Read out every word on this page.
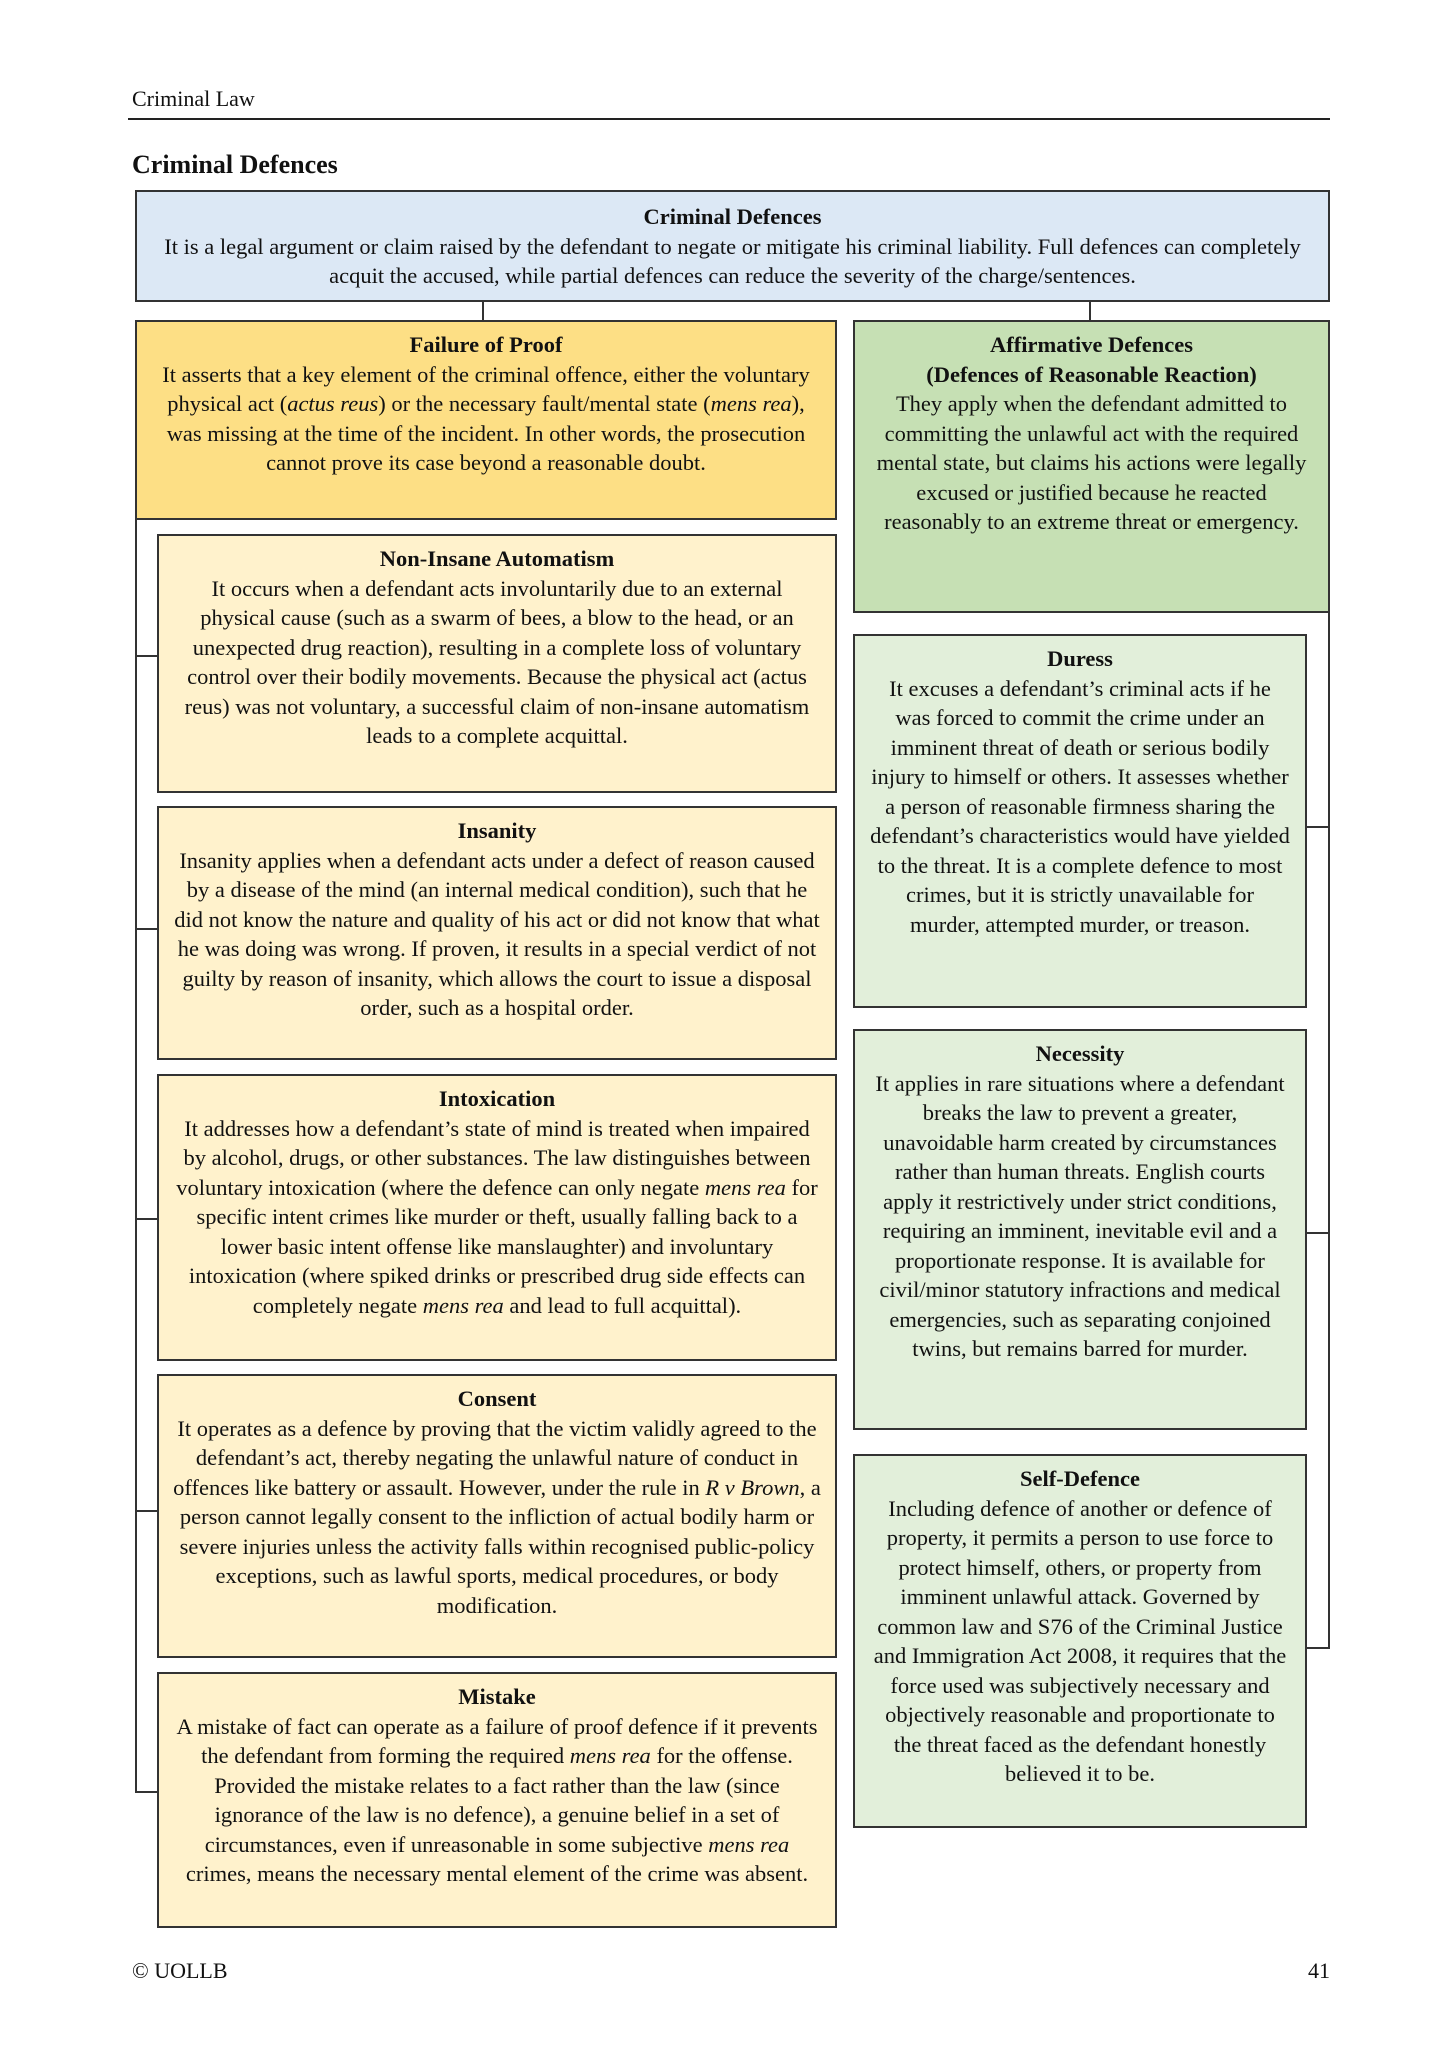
Criminal Law
Criminal Defences
Criminal Defences
It is a legal argument or claim raised by the defendant to negate or mitigate his criminal liability. Full defences can completely acquit the accused, while partial defences can reduce the severity of the charge/sentences.
Failure of Proof
It asserts that a key element of the criminal offence, either the voluntary physical act (actus reus) or the necessary fault/mental state (mens rea), was missing at the time of the incident. In other words, the prosecution cannot prove its case beyond a reasonable doubt.
Affirmative Defences
(Defences of Reasonable Reaction)
They apply when the defendant admitted to committing the unlawful act with the required mental state, but claims his actions were legally excused or justified because he reacted reasonably to an extreme threat or emergency.
Non-Insane Automatism
It occurs when a defendant acts involuntarily due to an external physical cause (such as a swarm of bees, a blow to the head, or an unexpected drug reaction), resulting in a complete loss of voluntary control over their bodily movements. Because the physical act (actus reus) was not voluntary, a successful claim of non-insane automatism leads to a complete acquittal.
Insanity
Insanity applies when a defendant acts under a defect of reason caused by a disease of the mind (an internal medical condition), such that he did not know the nature and quality of his act or did not know that what he was doing was wrong. If proven, it results in a special verdict of not guilty by reason of insanity, which allows the court to issue a disposal order, such as a hospital order.
Intoxication
It addresses how a defendant’s state of mind is treated when impaired by alcohol, drugs, or other substances. The law distinguishes between voluntary intoxication (where the defence can only negate mens rea for specific intent crimes like murder or theft, usually falling back to a lower basic intent offense like manslaughter) and involuntary intoxication (where spiked drinks or prescribed drug side effects can completely negate mens rea and lead to full acquittal).
Consent
It operates as a defence by proving that the victim validly agreed to the defendant’s act, thereby negating the unlawful nature of conduct in offences like battery or assault. However, under the rule in R v Brown, a person cannot legally consent to the infliction of actual bodily harm or severe injuries unless the activity falls within recognised public-policy exceptions, such as lawful sports, medical procedures, or body modification.
Mistake
A mistake of fact can operate as a failure of proof defence if it prevents the defendant from forming the required mens rea for the offense. Provided the mistake relates to a fact rather than the law (since ignorance of the law is no defence), a genuine belief in a set of circumstances, even if unreasonable in some subjective mens rea crimes, means the necessary mental element of the crime was absent.
Duress
It excuses a defendant’s criminal acts if he was forced to commit the crime under an imminent threat of death or serious bodily injury to himself or others. It assesses whether a person of reasonable firmness sharing the defendant’s characteristics would have yielded to the threat. It is a complete defence to most crimes, but it is strictly unavailable for murder, attempted murder, or treason.
Necessity
It applies in rare situations where a defendant breaks the law to prevent a greater, unavoidable harm created by circumstances rather than human threats. English courts apply it restrictively under strict conditions, requiring an imminent, inevitable evil and a proportionate response. It is available for civil/minor statutory infractions and medical emergencies, such as separating conjoined twins, but remains barred for murder.
Self-Defence
Including defence of another or defence of property, it permits a person to use force to protect himself, others, or property from imminent unlawful attack. Governed by common law and S76 of the Criminal Justice and Immigration Act 2008, it requires that the force used was subjectively necessary and objectively reasonable and proportionate to the threat faced as the defendant honestly believed it to be.
© UOLLB	41
